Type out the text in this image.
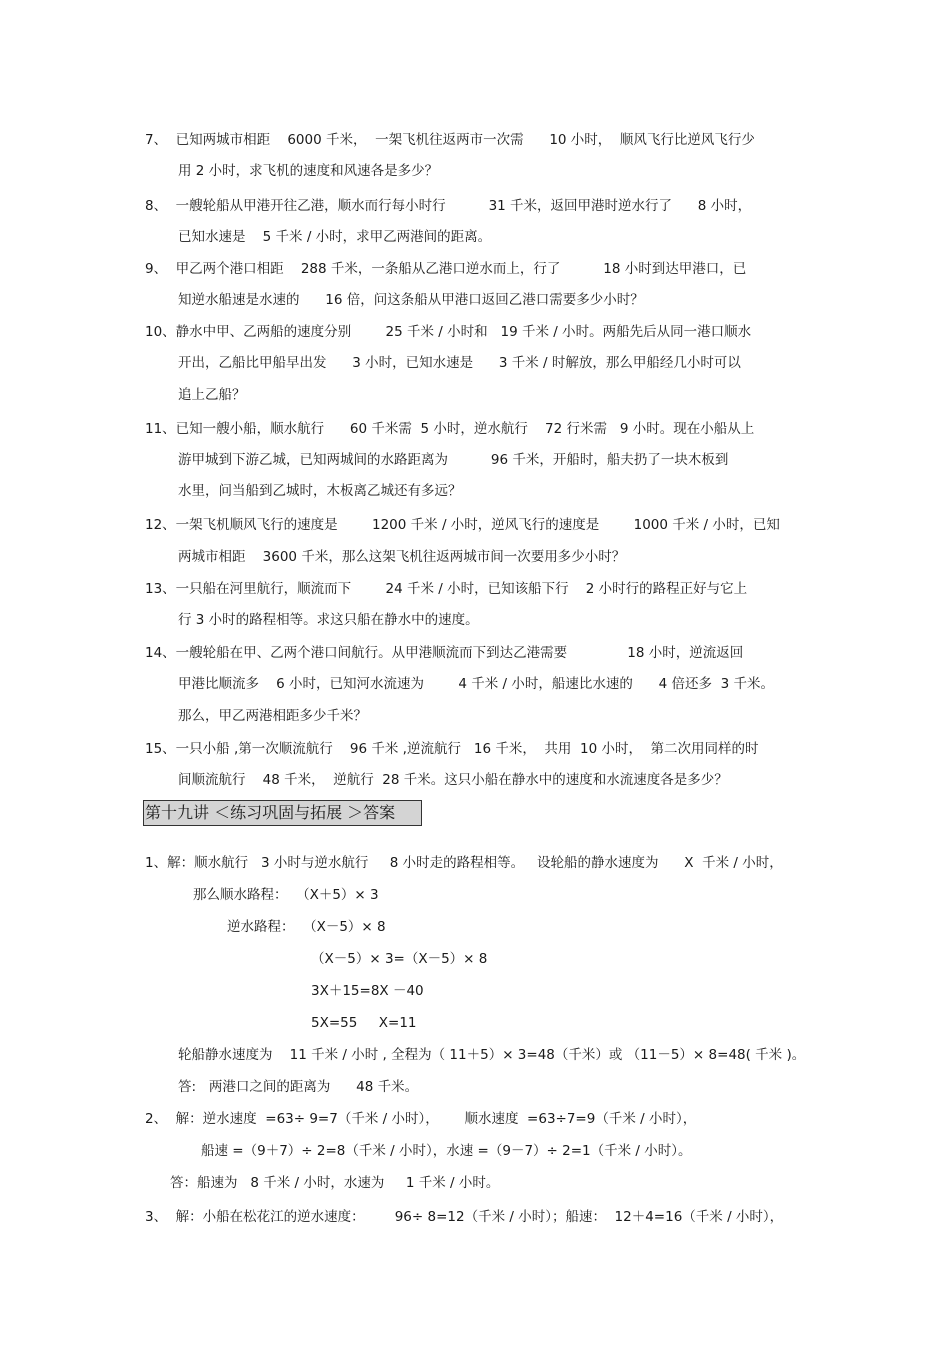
7、  已知两城市相距    6000 千米，  一架飞机往返两市一次需      10 小时，  顺风飞行比逆风飞行少
用 2 小时，求飞机的速度和风速各是多少？
8、  一艘轮船从甲港开往乙港，顺水而行每小时行          31 千米，返回甲港时逆水行了      8 小时，
已知水速是    5 千米 / 小时，求甲乙两港间的距离。
9、  甲乙两个港口相距    288 千米，一条船从乙港口逆水而上，行了          18 小时到达甲港口，已
知逆水船速是水速的      16 倍，问这条船从甲港口返回乙港口需要多少小时？
10、静水中甲、乙两船的速度分别        25 千米 / 小时和   19 千米 / 小时。两船先后从同一港口顺水
开出，乙船比甲船早出发      3 小时，已知水速是      3 千米 / 时解放，那么甲船经几小时可以
追上乙船？
11、已知一艘小船，顺水航行      60 千米需  5 小时，逆水航行    72 行米需   9 小时。现在小船从上
游甲城到下游乙城，已知两城间的水路距离为          96 千米，开船时，船夫扔了一块木板到
水里，问当船到乙城时，木板离乙城还有多远？
12、一架飞机顺风飞行的速度是        1200 千米 / 小时，逆风飞行的速度是        1000 千米 / 小时，已知
两城市相距    3600 千米，那么这架飞机往返两城市间一次要用多少小时？
13、一只船在河里航行，顺流而下        24 千米 / 小时，已知该船下行    2 小时行的路程正好与它上
行 3 小时的路程相等。求这只船在静水中的速度。
14、一艘轮船在甲、乙两个港口间航行。从甲港顺流而下到达乙港需要              18 小时，逆流返回
甲港比顺流多    6 小时，已知河水流速为        4 千米 / 小时，船速比水速的      4 倍还多  3 千米。
那么，甲乙两港相距多少千米？
15、一只小船 ,第一次顺流航行    96 千米 ,逆流航行   16 千米，  共用  10 小时，  第二次用同样的时
间顺流航行    48 千米，  逆航行  28 千米。这只小船在静水中的速度和水流速度各是多少？
第十九讲 ＜练习巩固与拓展 ＞答案
1、解：顺水航行   3 小时与逆水航行     8 小时走的路程相等。   设轮船的静水速度为      X  千米 / 小时，
那么顺水路程：  （X＋5）× 3
逆水路程：  （X－5）× 8
（X－5）× 3=（X－5）× 8
3X＋15=8X －40
5X=55     X=11
轮船静水速度为    11 千米 / 小时 , 全程为（ 11＋5）× 3=48（千米）或 （11－5）× 8=48( 千米 )。
答:   两港口之间的距离为      48 千米。
2、  解：逆水速度  =63÷ 9=7（千米 / 小时），      顺水速度  =63÷7=9（千米 / 小时），
船速 =（9＋7）÷ 2=8（千米 / 小时），水速 =（9－7）÷ 2=1（千米 / 小时）。
答：船速为   8 千米 / 小时，水速为     1 千米 / 小时。
3、  解：小船在松花江的逆水速度：       96÷ 8=12（千米 / 小时）；船速：  12＋4=16（千米 / 小时），
